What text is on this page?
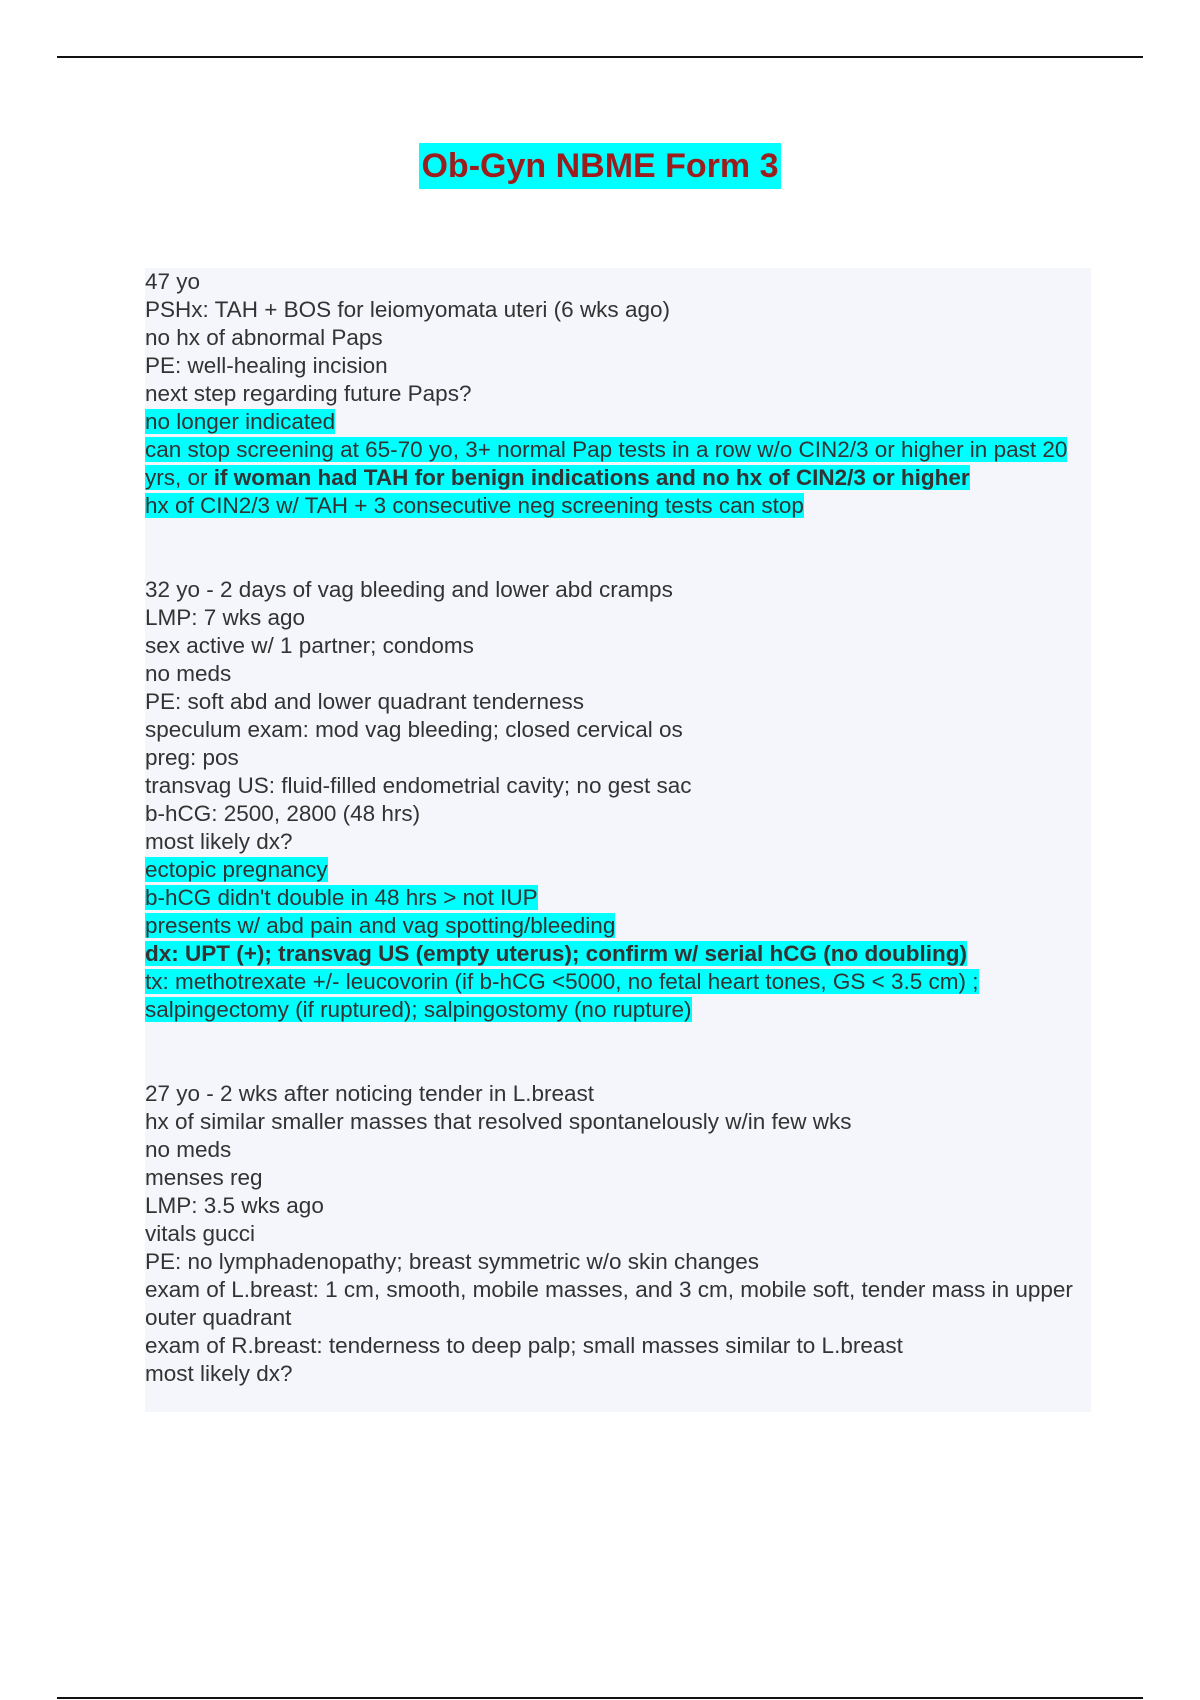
Ob-Gyn NBME Form 3
47 yo
PSHx: TAH + BOS for leiomyomata uteri (6 wks ago)
no hx of abnormal Paps
PE: well-healing incision
next step regarding future Paps?
no longer indicated
can stop screening at 65-70 yo, 3+ normal Pap tests in a row w/o CIN2/3 or higher in past 20 yrs, or if woman had TAH for benign indications and no hx of CIN2/3 or higher
hx of CIN2/3 w/ TAH + 3 consecutive neg screening tests can stop
32 yo - 2 days of vag bleeding and lower abd cramps
LMP: 7 wks ago
sex active w/ 1 partner; condoms
no meds
PE: soft abd and lower quadrant tenderness
speculum exam: mod vag bleeding; closed cervical os
preg: pos
transvag US: fluid-filled endometrial cavity; no gest sac
b-hCG: 2500, 2800 (48 hrs)
most likely dx?
ectopic pregnancy
b-hCG didn't double in 48 hrs > not IUP
presents w/ abd pain and vag spotting/bleeding
dx: UPT (+); transvag US (empty uterus); confirm w/ serial hCG (no doubling)
tx: methotrexate +/- leucovorin (if b-hCG <5000, no fetal heart tones, GS < 3.5 cm) ; salpingectomy (if ruptured); salpingostomy (no rupture)
27 yo - 2 wks after noticing tender in L.breast
hx of similar smaller masses that resolved spontanelously w/in few wks
no meds
menses reg
LMP: 3.5 wks ago
vitals gucci
PE: no lymphadenopathy; breast symmetric w/o skin changes
exam of L.breast: 1 cm, smooth, mobile masses, and 3 cm, mobile soft, tender mass in upper outer quadrant
exam of R.breast: tenderness to deep palp; small masses similar to L.breast
most likely dx?
